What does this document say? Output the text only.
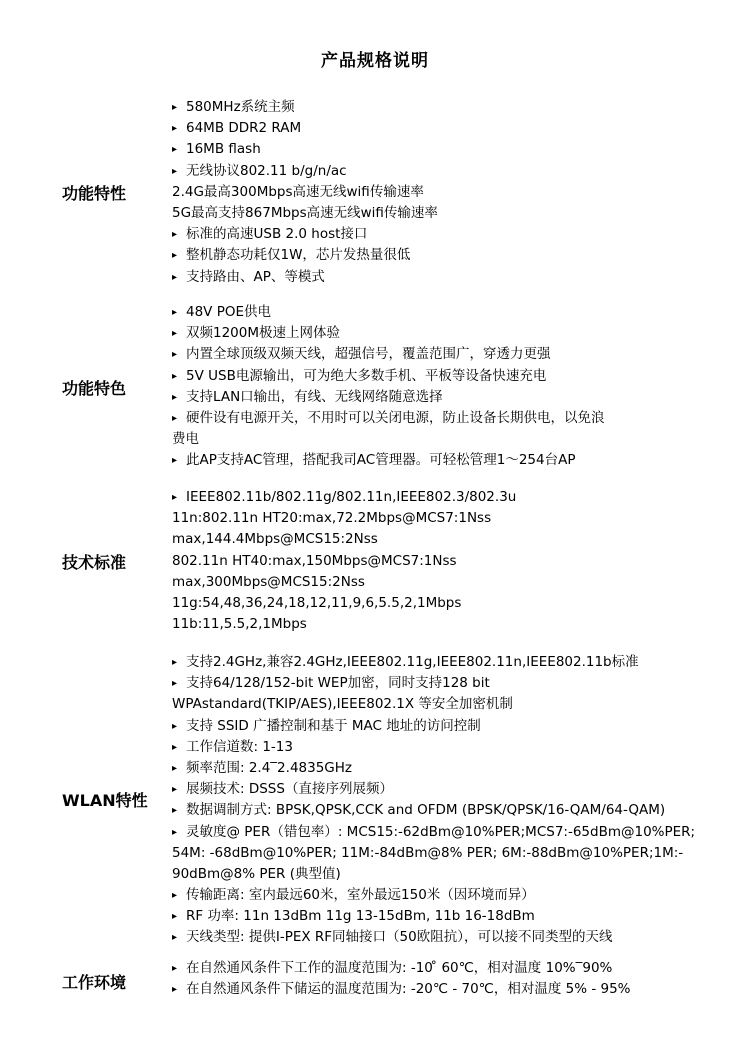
产品规格说明
功能特性
▸ 580MHz系统主频
▸ 64MB DDR2 RAM
▸ 16MB flash
▸ 无线协议802.11 b/g/n/ac
2.4G最高300Mbps高速无线wifi传输速率
5G最高支持867Mbps高速无线wifi传输速率
▸ 标准的高速USB 2.0 host接口
▸ 整机静态功耗仅1W，芯片发热量很低
▸ 支持路由、AP、等模式
功能特色
▸ 48V POE供电
▸ 双频1200M极速上网体验
▸ 内置全球顶级双频天线，超强信号，覆盖范围广，穿透力更强
▸ 5V USB电源输出，可为绝大多数手机、平板等设备快速充电
▸ 支持LAN口输出，有线、无线网络随意选择
▸ 硬件设有电源开关，不用时可以关闭电源，防止设备长期供电，以免浪
费电
▸ 此AP支持AC管理，搭配我司AC管理器。可轻松管理1～254台AP
技术标准
▸ IEEE802.11b/802.11g/802.11n,IEEE802.3/802.3u
11n:802.11n HT20:max,72.2Mbps@MCS7:1Nss
max,144.4Mbps@MCS15:2Nss
802.11n HT40:max,150Mbps@MCS7:1Nss
max,300Mbps@MCS15:2Nss
11g:54,48,36,24,18,12,11,9,6,5.5,2,1Mbps
11b:11,5.5,2,1Mbps
WLAN特性
▸ 支持2.4GHz,兼容2.4GHz,IEEE802.11g,IEEE802.11n,IEEE802.11b标准
▸ 支持64/128/152-bit WEP加密，同时支持128 bit
WPAstandard(TKIP/AES),IEEE802.1X 等安全加密机制
▸ 支持 SSID 广播控制和基于 MAC 地址的访问控制
▸ 工作信道数: 1-13
▸ 频率范围: 2.4‾2.4835GHz
▸ 展频技术: DSSS（直接序列展频）
▸ 数据调制方式: BPSK,QPSK,CCK and OFDM (BPSK/QPSK/16-QAM/64-QAM)
▸ 灵敏度@ PER（错包率）: MCS15:-62dBm@10%PER;MCS7:-65dBm@10%PER;
54M: -68dBm@10%PER; 11M:-84dBm@8% PER; 6M:-88dBm@10%PER;1M:-
90dBm@8% PER (典型值)
▸ 传输距离: 室内最远60米，室外最远150米（因环境而异）
▸ RF 功率: 11n 13dBm 11g 13-15dBm, 11b 16-18dBm
▸ 天线类型: 提供I-PEX RF同轴接口（50欧阻抗），可以接不同类型的天线
工作环境
▸ 在自然通风条件下工作的温度范围为: -10 ̊ 60℃，相对温度 10%‾90%
▸ 在自然通风条件下储运的温度范围为: -20℃ - 70℃，相对温度 5% - 95%
